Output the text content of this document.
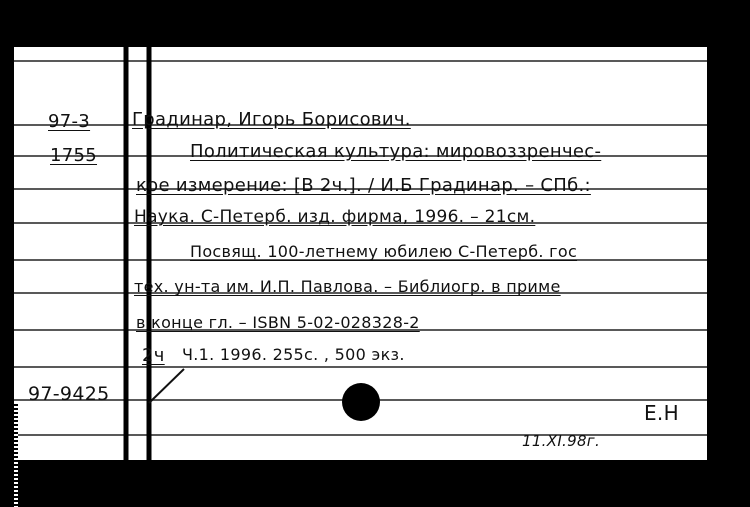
97-3
1755
97-9425
Градинар, Игорь Борисович.
Политическая культура: мировоззренчес-
кое измерение: [В 2ч.]. / И.Б Градинар. – СПб.:
Наука. С-Петерб. изд. фирма, 1996. – 21см.
Посвящ. 100-летнему юбилею С-Петерб. гос
тех. ун-та им. И.П. Павлова. – Библиогр. в приме
в конце гл. – ISBN 5-02-028328-2
2ч Ч.1. 1996. 255с. , 500 экз.
Е.Н
11.XI.98г.
